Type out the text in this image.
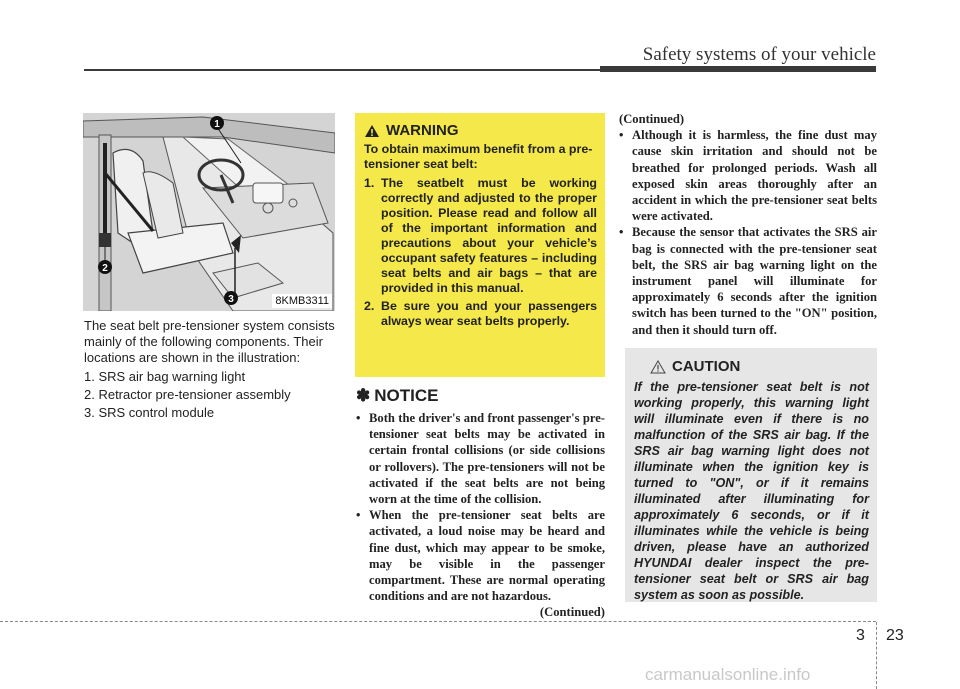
Safety systems of your vehicle
1
2
3	8KMB3311

The seat belt pre-tensioner system consists mainly of the following components. Their locations are shown in the illustration:

1. SRS air bag warning light
2. Retractor pre-tensioner assembly
3. SRS control module
WARNING
To obtain maximum benefit from a pre-tensioner seat belt:
1. The seatbelt must be working correctly and adjusted to the proper position. Please read and follow all of the important information and precautions about your vehicle’s occupant safety features – including seat belts and air bags – that are provided in this manual.
2. Be sure you and your passengers always wear seat belts properly.
✽ NOTICE
• Both the driver's and front passenger's pre-tensioner seat belts may be activated in certain frontal collisions (or side collisions or rollovers). The pre-tensioners will not be activated if the seat belts are not being worn at the time of the collision.
• When the pre-tensioner seat belts are activated, a loud noise may be heard and fine dust, which may appear to be smoke, may be visible in the passenger compartment. These are normal operating conditions and are not hazardous.
(Continued)
(Continued)
• Although it is harmless, the fine dust may cause skin irritation and should not be breathed for prolonged periods. Wash all exposed skin areas thoroughly after an accident in which the pre-tensioner seat belts were activated.
• Because the sensor that activates the SRS air bag is connected with the pre-tensioner seat belt, the SRS air bag warning light on the instrument panel will illuminate for approximately 6 seconds after the ignition switch has been turned to the "ON" position, and then it should turn off.
CAUTION
If the pre-tensioner seat belt is not working properly, this warning light will illuminate even if there is no malfunction of the SRS air bag. If the SRS air bag warning light does not illuminate when the ignition key is turned to "ON", or if it remains illuminated after illuminating for approximately 6 seconds, or if it illuminates while the vehicle is being driven, please have an authorized HYUNDAI dealer inspect the pre-tensioner seat belt or SRS air bag system as soon as possible.
3 23
carmanualsonline.info
